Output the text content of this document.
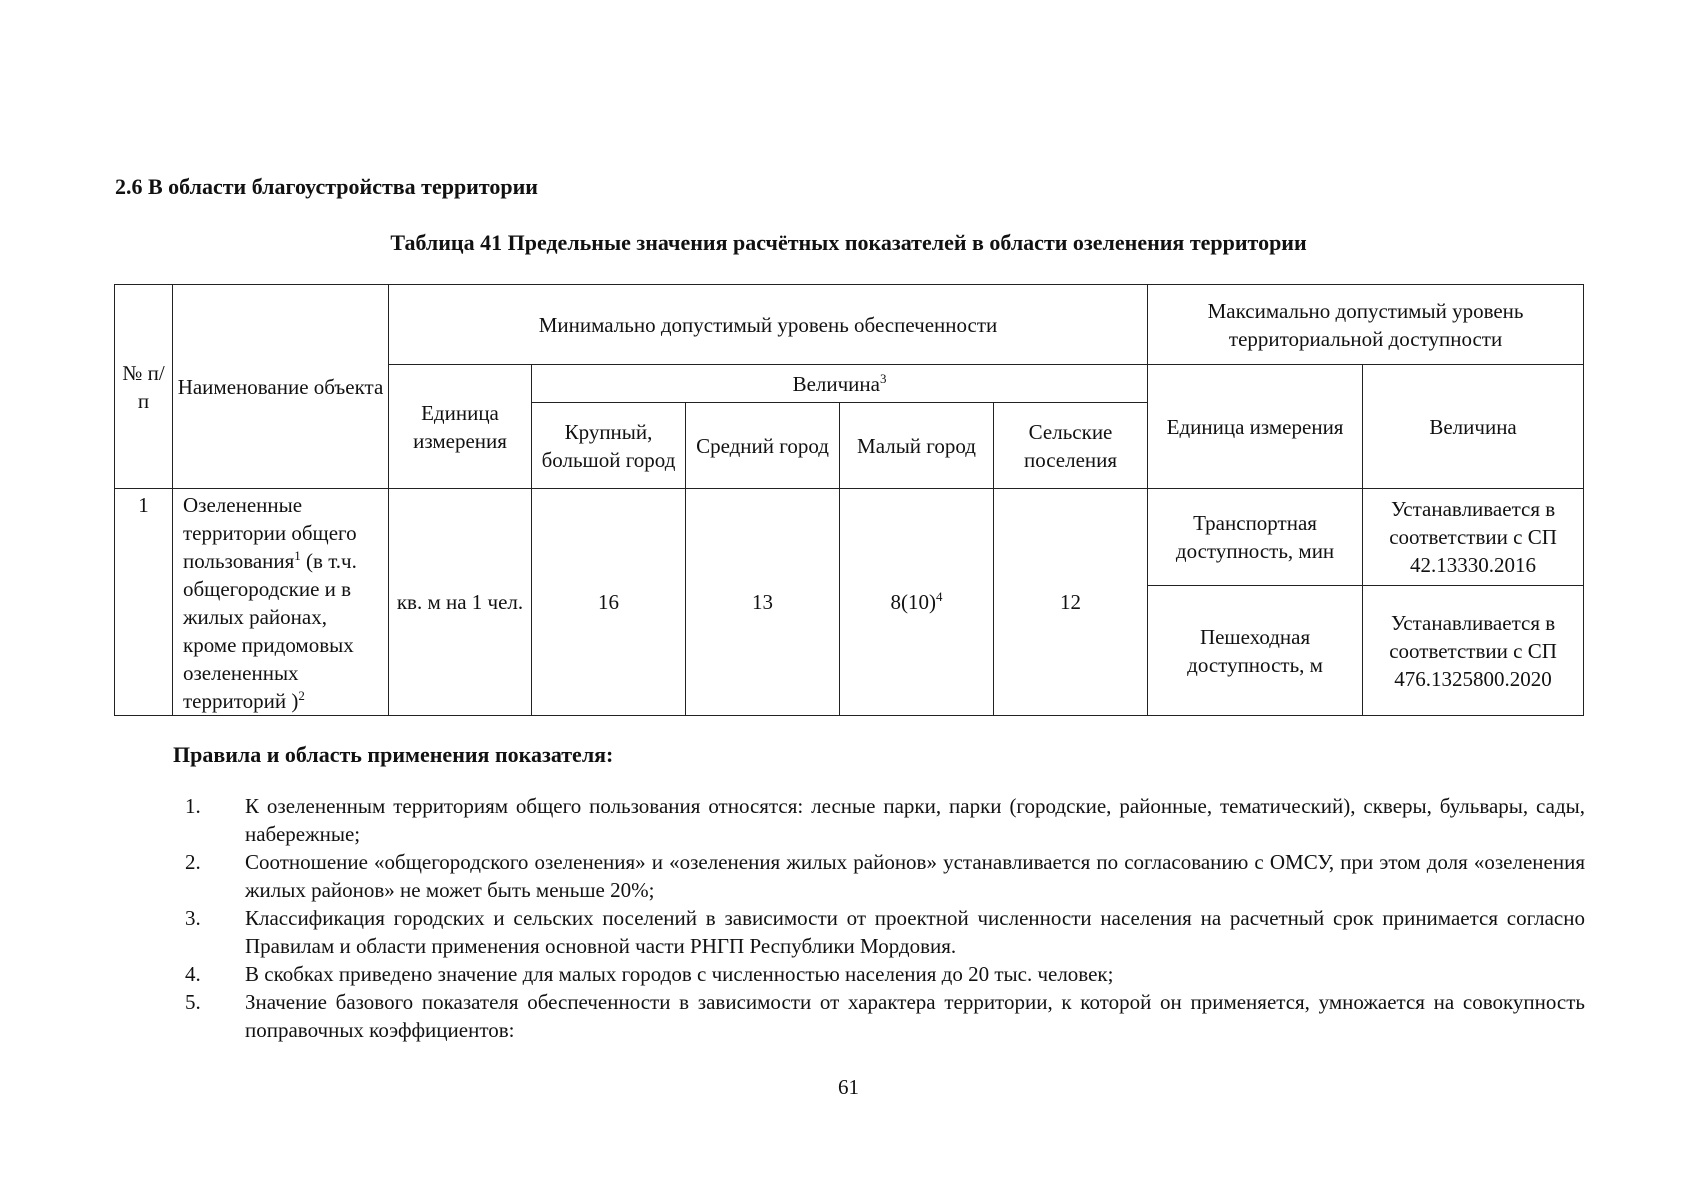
2.6 В области благоустройства территории
Таблица 41 Предельные значения расчётных показателей в области озеленения территории
№ п/п	Наименование объекта	Минимально допустимый уровень обеспеченности					Максимально допустимый уровень территориальной доступности	
		Единица измерения	Величина$^3$				Единица измерения	Величина
			Крупный, большой город	Средний город	Малый город	Сельские поселения		
1	Озелененные территории общего пользования$^1$ (в т.ч. общегородские и в жилых районах, кроме придомовых озелененных территорий )$^2$	кв. м на 1 чел.	16	13	$8(10)^4$	12	Транспортная доступность, мин	Устанавливается в соответствии с СП 42.13330.2016
							Пешеходная доступность, м	Устанавливается в соответствии с СП 476.1325800.2020
Правила и область применения показателя:
1.	К озелененным территориям общего пользования относятся: лесные парки, парки (городские, районные, тематический), скверы, бульвары, сады, набережные;
2.	Соотношение «общегородского озеленения» и «озеленения жилых районов» устанавливается по согласованию с ОМСУ, при этом доля «озеленения жилых районов» не может быть меньше 20%;
3.	Классификация городских и сельских поселений в зависимости от проектной численности населения на расчетный срок принимается согласно Правилам и области применения основной части РНГП Республики Мордовия.
4.	В скобках приведено значение для малых городов с численностью населения до 20 тыс. человек;
5.	Значение базового показателя обеспеченности в зависимости от характера территории, к которой он применяется, умножается на совокупность поправочных коэффициентов:
61
